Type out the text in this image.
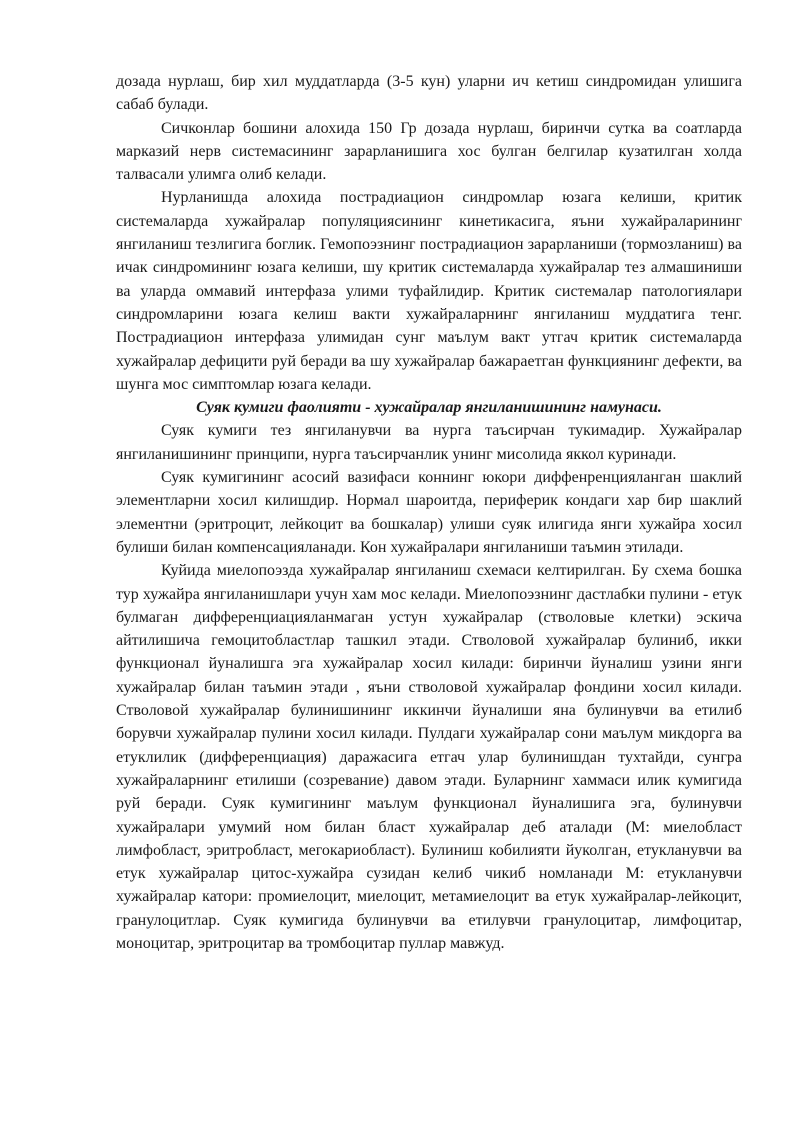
дозада нурлаш, бир хил муддатларда (3-5 кун) уларни ич кетиш синдромидан улишига сабаб булади.

Сичконлар бошини алохида 150 Гр дозада нурлаш, биринчи сутка ва соатларда марказий нерв системасининг зарарланишига хос булган белгилар кузатилган холда талвасали улимга олиб келади.

Нурланишда алохида пострадиацион синдромлар юзага келиши, критик системаларда хужайралар популяциясининг кинетикасига, яъни хужайраларининг янгиланиш тезлигига боглик. Гемопоэзнинг пострадиацион зарарланиши (тормозланиш) ва ичак синдромининг юзага келиши, шу критик системаларда хужайралар тез алмашиниши ва уларда оммавий интерфаза улими туфайлидир. Критик системалар патологиялари синдромларини юзага келиш вакти хужайраларнинг янгиланиш муддатига тенг. Пострадиацион интерфаза улимидан сунг маълум вакт утгач критик системаларда хужайралар дефицити руй беради ва шу хужайралар бажараетган функциянинг дефекти, ва шунга мос симптомлар юзага келади.

Суяк кумиги фаолияти - хужайралар янгиланишининг намунаси.

Суяк кумиги тез янгиланувчи ва нурга таъсирчан тукимадир. Хужайралар янгиланишининг принципи, нурга таъсирчанлик унинг мисолида яккол куринади.

Суяк кумигининг асосий вазифаси коннинг юкори диффенренцияланган шаклий элементларни хосил килишдир. Нормал шароитда, периферик кондаги хар бир шаклий элементни (эритроцит, лейкоцит ва бошкалар) улиши суяк илигида янги хужайра хосил булиши билан компенсацияланади. Кон хужайралари янгиланиши таъмин этилади.

Куйида миелопоэзда хужайралар янгиланиш схемаси келтирилган. Бу схема бошка тур хужайра янгиланишлари учун хам мос келади. Миелопоэзнинг дастлабки пулини - етук булмаган дифференциацияланмаган устун хужайралар (стволовые клетки) эскича айтилишича гемоцитобластлар ташкил этади. Стволовой хужайралар булиниб, икки функционал йуналишга эга хужайралар хосил килади: биринчи йуналиш узини янги хужайралар билан таъмин этади , яъни стволовой хужайралар фондини хосил килади. Стволовой хужайралар булинишининг иккинчи йуналиши яна булинувчи ва етилиб борувчи хужайралар пулини хосил килади. Пулдаги хужайралар сони маълум микдорга ва етуклилик (дифференциация) даражасига етгач улар булинишдан тухтайди, сунгра хужайраларнинг етилиши (созревание) давом этади. Буларнинг хаммаси илик кумигида руй беради. Суяк кумигининг маълум функционал йуналишига эга, булинувчи хужайралари умумий ном билан бласт хужайралар деб аталади (М: миелобласт лимфобласт, эритробласт, мегокариобласт). Булиниш кобилияти йуколган, етукланувчи ва етук хужайралар цитос-хужайра сузидан келиб чикиб номланади М: етукланувчи хужайралар катори: промиелоцит, миелоцит, метамиелоцит ва етук хужайралар-лейкоцит, гранулоцитлар. Суяк кумигида булинувчи ва етилувчи гранулоцитар, лимфоцитар, моноцитар, эритроцитар ва тромбоцитар пуллар мавжуд.
